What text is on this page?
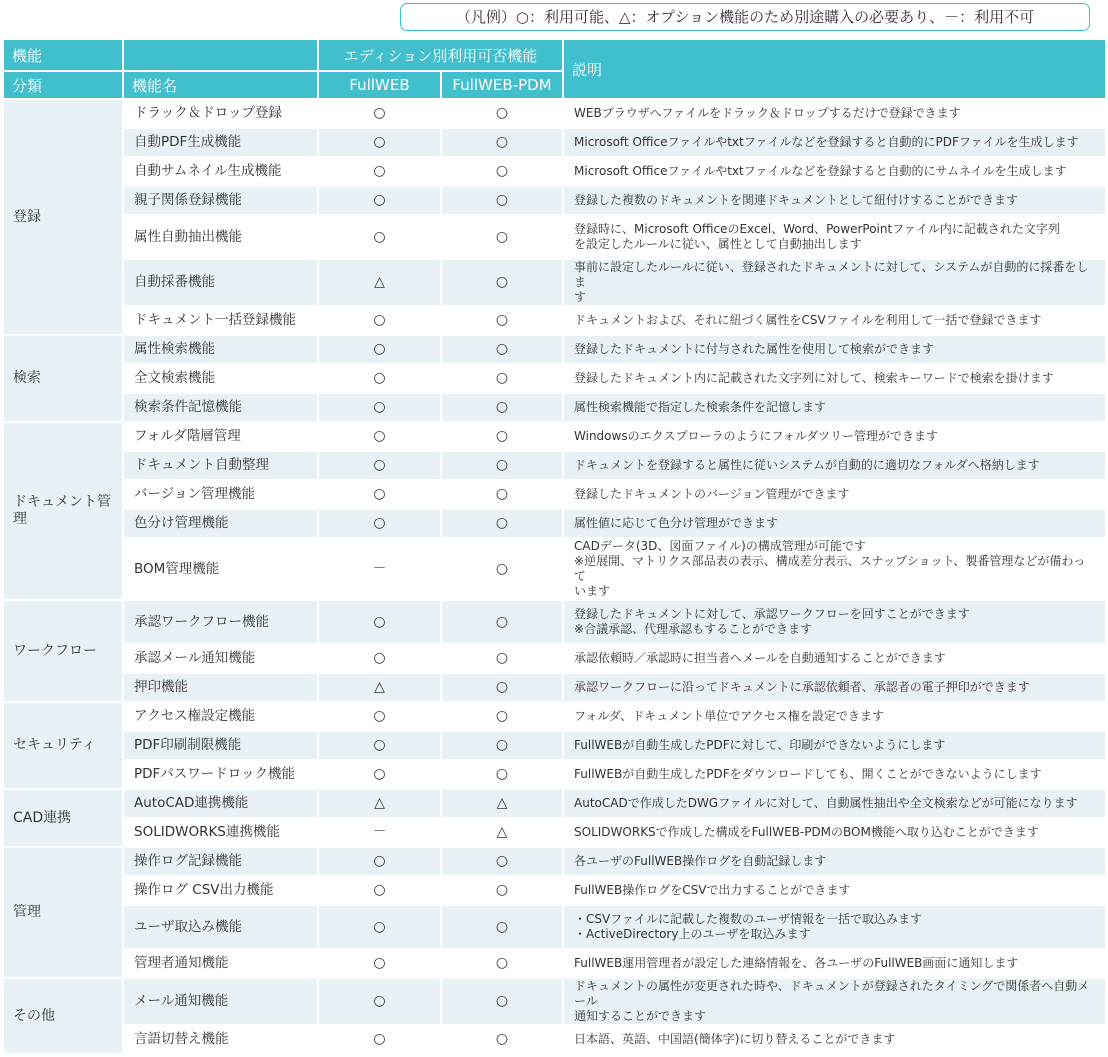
（凡例）○：利用可能、△：オプション機能のため別途購入の必要あり、－：利用不可
機能		エディション別利用可否機能		説明
分類	機能名	FullWEB	FullWEB-PDM	
登録	ドラック＆ドロップ登録	○	○	WEBブラウザへファイルをドラック＆ドロップするだけで登録できます

	自動PDF生成機能	○	○	Microsoft Officeファイルやtxtファイルなどを登録すると自動的にPDFファイルを生成します

	自動サムネイル生成機能	○	○	Microsoft Officeファイルやtxtファイルなどを登録すると自動的にサムネイルを生成します

	親子関係登録機能	○	○	登録した複数のドキュメントを関連ドキュメントとして紐付けすることができます

	属性自動抽出機能	○	○	登録時に、Microsoft OfficeのExcel、Word、PowerPointファイル内に記載された文字列
を設定したルールに従い、属性として自動抽出します

	自動採番機能	△	○	事前に設定したルールに従い、登録されたドキュメントに対して、システムが自動的に採番をしま
す

	ドキュメント一括登録機能	○	○	ドキュメントおよび、それに紐づく属性をCSVファイルを利用して一括で登録できます

検索	属性検索機能	○	○	登録したドキュメントに付与された属性を使用して検索ができます

	全文検索機能	○	○	登録したドキュメント内に記載された文字列に対して、検索キーワードで検索を掛けます

	検索条件記憶機能	○	○	属性検索機能で指定した検索条件を記憶します

ドキュメント管理	フォルダ階層管理	○	○	Windowsのエクスプローラのようにフォルダツリー管理ができます

	ドキュメント自動整理	○	○	ドキュメントを登録すると属性に従いシステムが自動的に適切なフォルダへ格納します

	バージョン管理機能	○	○	登録したドキュメントのバージョン管理ができます

	色分け管理機能	○	○	属性値に応じて色分け管理ができます

	BOM管理機能	－	○	CADデータ(3D、図面ファイル)の構成管理が可能です
※逆展開、マトリクス部品表の表示、構成差分表示、スナップショット、製番管理などが備わって
います

ワークフロー	承認ワークフロー機能	○	○	登録したドキュメントに対して、承認ワークフローを回すことができます
※合議承認、代理承認もすることができます

	承認メール通知機能	○	○	承認依頼時／承認時に担当者へメールを自動通知することができます

	押印機能	△	○	承認ワークフローに沿ってドキュメントに承認依頼者、承認者の電子押印ができます

セキュリティ	アクセス権設定機能	○	○	フォルダ、ドキュメント単位でアクセス権を設定できます

	PDF印刷制限機能	○	○	FullWEBが自動生成したPDFに対して、印刷ができないようにします

	PDFパスワードロック機能	○	○	FullWEBが自動生成したPDFをダウンロードしても、開くことができないようにします

CAD連携	AutoCAD連携機能	△	△	AutoCADで作成したDWGファイルに対して、自動属性抽出や全文検索などが可能になります

	SOLIDWORKS連携機能	－	△	SOLIDWORKSで作成した構成をFullWEB-PDMのBOM機能へ取り込むことができます

管理	操作ログ記録機能	○	○	各ユーザのFullWEB操作ログを自動記録します

	操作ログ CSV出力機能	○	○	FullWEB操作ログをCSVで出力することができます

	ユーザ取込み機能	○	○	・CSVファイルに記載した複数のユーザ情報を一括で取込みます
・ActiveDirectory上のユーザを取込みます

	管理者通知機能	○	○	FullWEB運用管理者が設定した連絡情報を、各ユーザのFullWEB画面に通知します

その他	メール通知機能	○	○	ドキュメントの属性が変更された時や、ドキュメントが登録されたタイミングで関係者へ自動メール
通知することができます

	言語切替え機能	○	○	日本語、英語、中国語(簡体字)に切り替えることができます
